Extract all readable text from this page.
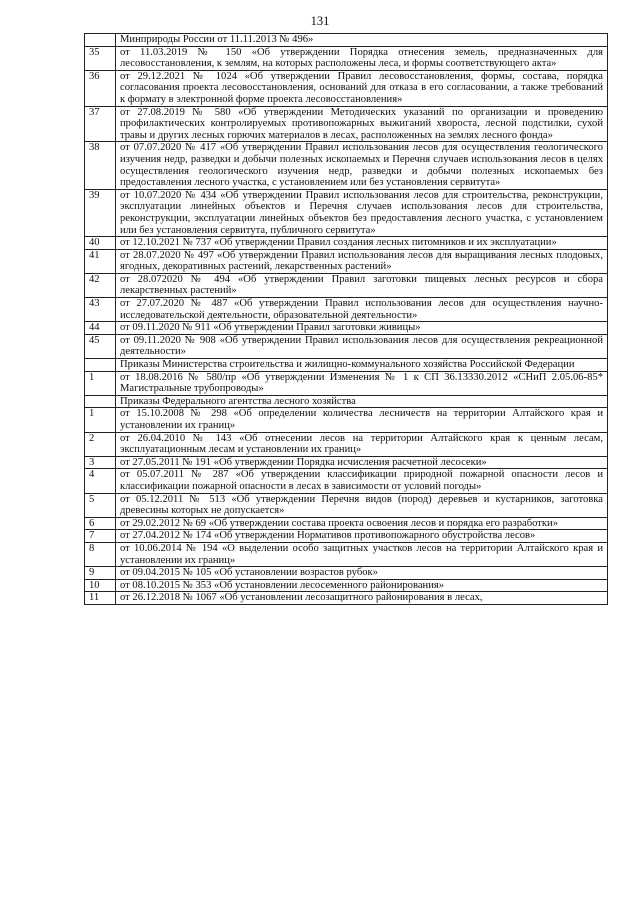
131
	Минприроды России от 11.11.2013 № 496»
35	от 11.03.2019 № 150 «Об утверждении Порядка отнесения земель, предназначенных для лесовосстановления, к землям, на которых расположены леса, и формы соответствующего акта»
36	от 29.12.2021 № 1024 «Об утверждении Правил лесовосстановления, формы, состава, порядка согласования проекта лесовосстановления, оснований для отказа в его согласовании, а также требований к формату в электронной форме проекта лесовосстановления»
37	от 27.08.2019 № 580 «Об утверждении Методических указаний по организации и проведению профилактических контролируемых противопожарных выжиганий хвороста, лесной подстилки, сухой травы и других лесных горючих материалов в лесах, расположенных на землях лесного фонда»
38	от 07.07.2020 № 417 «Об утверждении Правил использования лесов для осуществления геологического изучения недр, разведки и добычи полезных ископаемых и Перечня случаев использования лесов в целях осуществления геологического изучения недр, разведки и добычи полезных ископаемых без предоставления лесного участка, с установлением или без установления сервитута»
39	от 10.07.2020 № 434 «Об утверждении Правил использования лесов для строительства, реконструкции, эксплуатации линейных объектов и Перечня случаев использования лесов для строительства, реконструкции, эксплуатации линейных объектов без предоставления лесного участка, с установлением или без установления сервитута, публичного сервитута»
40	от 12.10.2021 № 737 «Об утверждении Правил создания лесных питомников и их эксплуатации»
41	от 28.07.2020 № 497 «Об утверждении Правил использования лесов для выращивания лесных плодовых, ягодных, декоративных растений, лекарственных растений»
42	от 28.072020 № 494 «Об утверждении Правил заготовки пищевых лесных ресурсов и сбора лекарственных растений»
43	от 27.07.2020 № 487 «Об утверждении Правил использования лесов для осуществления научно-исследовательской деятельности, образовательной деятельности»
44	от 09.11.2020 № 911 «Об утверждении Правил заготовки живицы»
45	от 09.11.2020 № 908 «Об утверждении Правил использования лесов для осуществления рекреационной деятельности»
	Приказы Министерства строительства и жилищно-коммунального хозяйства Российской Федерации
1	от 18.08.2016 № 580/пр «Об утверждении Изменения № 1 к СП 36.13330.2012 «СНиП 2.05.06-85* Магистральные трубопроводы»
	Приказы Федерального агентства лесного хозяйства
1	от 15.10.2008 № 298 «Об определении количества лесничеств на территории Алтайского края и установлении их границ»
2	от 26.04.2010 № 143 «Об отнесении лесов на территории Алтайского края к ценным лесам, эксплуатационным лесам и установлении их границ»
3	от 27.05.2011 № 191 «Об утверждении Порядка исчисления расчетной лесосеки»
4	от 05.07.2011 № 287 «Об утверждении классификации природной пожарной опасности лесов и классификации пожарной опасности в лесах в зависимости от условий погоды»
5	от 05.12.2011 № 513 «Об утверждении Перечня видов (пород) деревьев и кустарников, заготовка древесины которых не допускается»
6	от 29.02.2012 № 69 «Об утверждении состава проекта освоения лесов и порядка его разработки»
7	от 27.04.2012 № 174 «Об утверждении Нормативов противопожарного обустройства лесов»
8	от 10.06.2014 № 194 «О выделении особо защитных участков лесов на территории Алтайского края и установлении их границ»
9	от 09.04.2015 № 105 «Об установлении возрастов рубок»
10	от 08.10.2015 № 353 «Об установлении лесосеменного районирования»
11	от 26.12.2018 № 1067 «Об установлении лесозащитного районирования в лесах,
